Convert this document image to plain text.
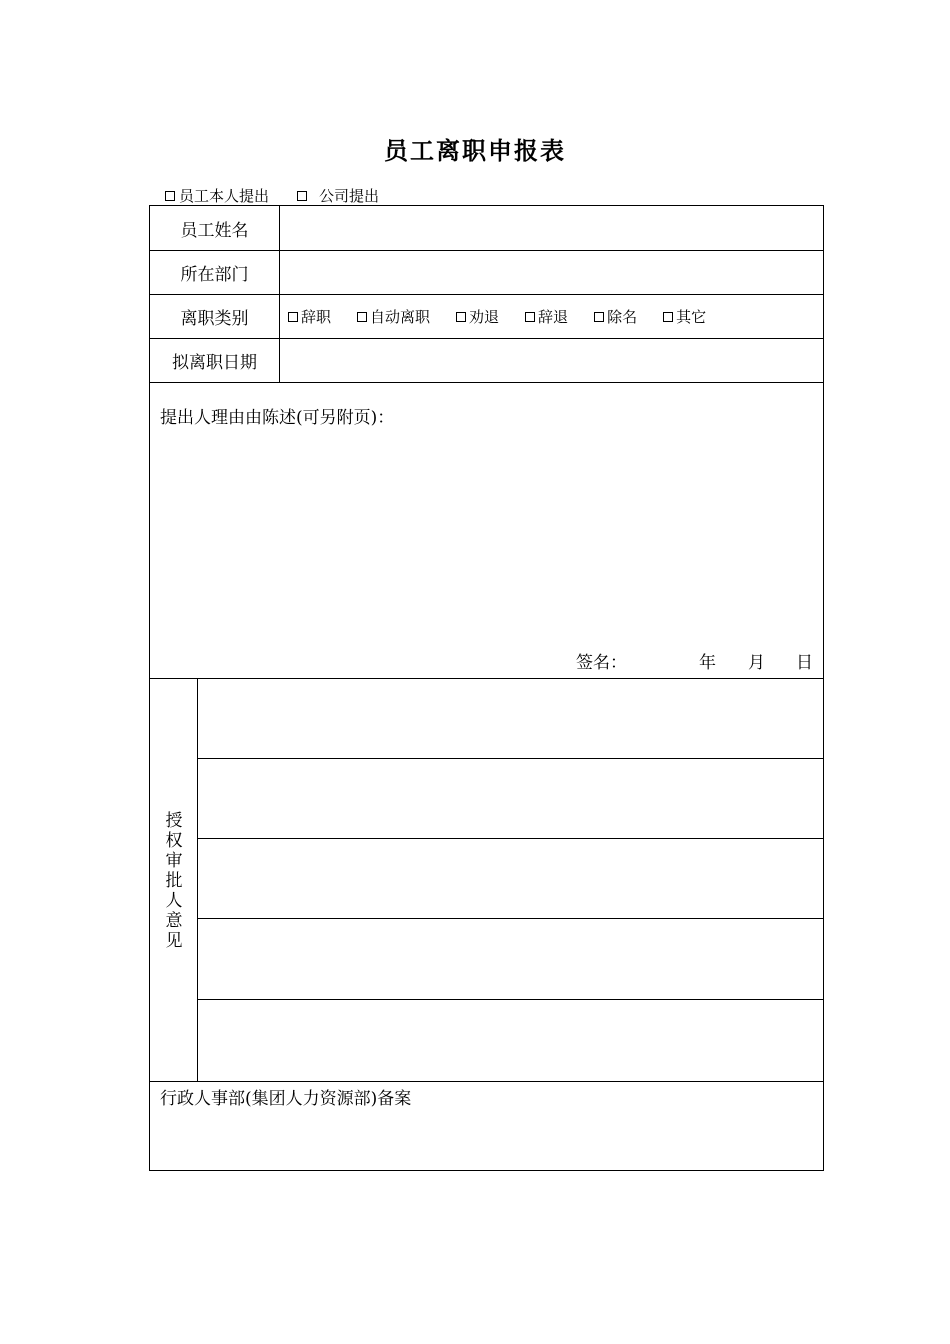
员工离职申报表
员工本人提出	公司提出
员工姓名
所在部门
离职类别	辞职	自动离职	劝退	辞退	除名	其它
拟离职日期
提出人理由由陈述(可另附页)：
签名：	年 月 日
授
权
审
批
人
意
见
行政人事部(集团人力资源部)备案
